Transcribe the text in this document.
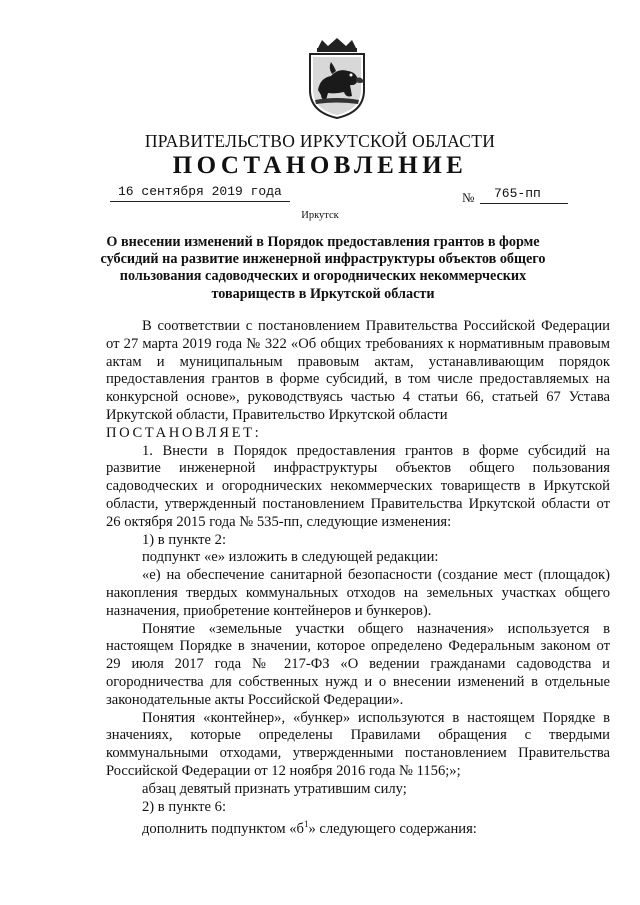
ПРАВИТЕЛЬСТВО ИРКУТСКОЙ ОБЛАСТИ
ПОСТАНОВЛЕНИЕ
16 сентября 2019 года	№ 765-пп
Иркутск
О внесении изменений в Порядок предоставления грантов в форме субсидий на развитие инженерной инфраструктуры объектов общего пользования садоводческих и огороднических некоммерческих товариществ в Иркутской области

В соответствии с постановлением Правительства Российской Федерации от 27 марта 2019 года № 322 «Об общих требованиях к нормативным правовым актам и муниципальным правовым актам, устанавливающим порядок предоставления грантов в форме субсидий, в том числе предоставляемых на конкурсной основе», руководствуясь частью 4 статьи 66, статьей 67 Устава Иркутской области, Правительство Иркутской области

ПОСТАНОВЛЯЕТ:

1. Внести в Порядок предоставления грантов в форме субсидий на развитие инженерной инфраструктуры объектов общего пользования садоводческих и огороднических некоммерческих товариществ в Иркутской области, утвержденный постановлением Правительства Иркутской области от 26 октября 2015 года № 535-пп, следующие изменения:

1) в пункте 2:

подпункт «е» изложить в следующей редакции:

«е) на обеспечение санитарной безопасности (создание мест (площадок) накопления твердых коммунальных отходов на земельных участках общего назначения, приобретение контейнеров и бункеров).

Понятие «земельные участки общего назначения» используется в настоящем Порядке в значении, которое определено Федеральным законом от 29 июля 2017 года № 217-ФЗ «О ведении гражданами садоводства и огородничества для собственных нужд и о внесении изменений в отдельные законодательные акты Российской Федерации».

Понятия «контейнер», «бункер» используются в настоящем Порядке в значениях, которые определены Правилами обращения с твердыми коммунальными отходами, утвержденными постановлением Правительства Российской Федерации от 12 ноября 2016 года № 1156;»;

абзац девятый признать утратившим силу;

2) в пункте 6:

дополнить подпунктом «$б^1$» следующего содержания:
